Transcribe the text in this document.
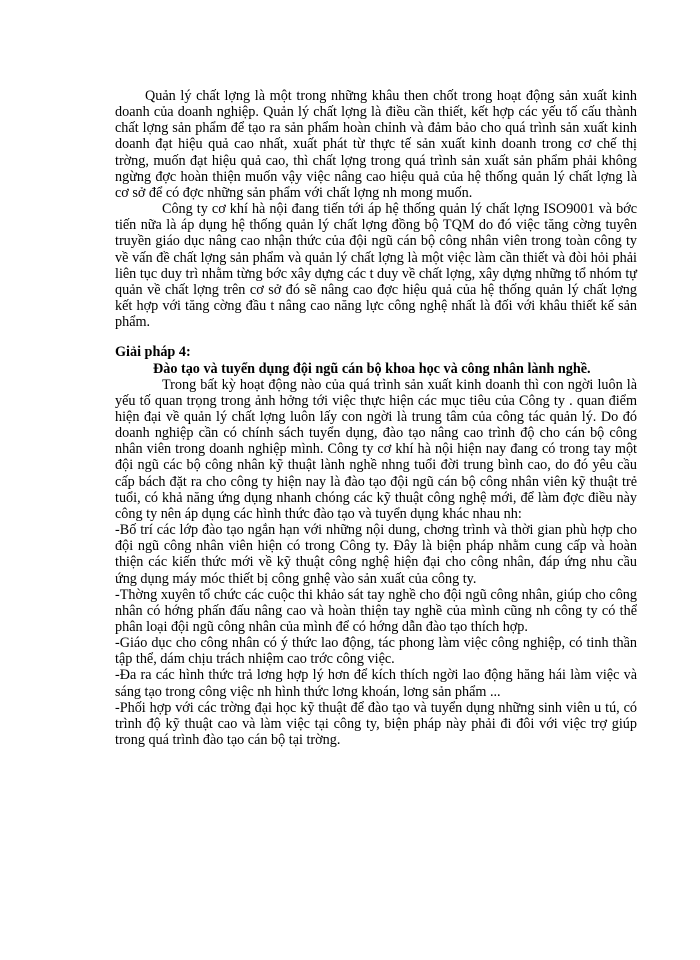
Quản lý chất lợng là một trong những khâu then chốt trong hoạt động sản xuất kinh doanh của doanh nghiệp. Quản lý chất lợng là điều cần thiết, kết hợp các yếu tố cấu thành chất lợng sản phẩm để tạo ra sản phẩm hoàn chỉnh và đảm bảo cho quá trình sản xuất kinh doanh đạt hiệu quả cao nhất, xuất phát từ thực tế sản xuất kinh doanh trong cơ chế thị trờng, muốn đạt hiệu quả cao, thì chất lợng trong quá trình sản xuất sản phẩm phải không ngừng đợc hoàn thiện muốn vậy việc nâng cao hiệu quả của hệ thống quản lý chất lợng là cơ sở để có đợc những sản phẩm với chất lợng nh mong muốn.

Công ty cơ khí hà nội đang tiến tới áp hệ thống quản lý chất lợng ISO9001 và bớc tiến nữa là áp dụng hệ thống quản lý chất lợng đồng bộ TQM do đó việc tăng cờng tuyên truyền giáo dục nâng cao nhận thức của đội ngũ cán bộ công nhân viên trong toàn công ty về vấn đề chất lợng sản phẩm và quản lý chất lợng là một việc làm cần thiết và đòi hỏi phải liên tục duy trì nhằm từng bớc xây dựng các t duy về chất lợng, xây dựng những tổ nhóm tự quản về chất lợng trên cơ sở đó sẽ nâng cao đợc hiệu quả của hệ thống quản lý chất lợng kết hợp với tăng cờng đầu t nâng cao năng lực công nghệ nhất là đối với khâu thiết kế sản phẩm.

Giải pháp 4:

Đào tạo và tuyển dụng đội ngũ cán bộ khoa học và công nhân lành nghề.

Trong bất kỳ hoạt động nào của quá trình sản xuất kinh doanh thì con ngời luôn là yếu tố quan trọng trong ảnh hởng tới việc thực hiện các mục tiêu của Công ty . quan điểm hiện đại về quản lý chất lợng luôn lấy con ngời là trung tâm của công tác quản lý. Do đó doanh nghiệp cần có chính sách tuyển dụng, đào tạo nâng cao trình độ cho cán bộ công nhân viên trong doanh nghiệp mình. Công ty cơ khí hà nội hiện nay đang có trong tay một đội ngũ các bộ công nhân kỹ thuật lành nghề nhng tuổi đời trung bình cao, do đó yêu cầu cấp bách đặt ra cho công ty hiện nay là đào tạo đội ngũ cán bộ công nhân viên kỹ thuật trẻ tuổi, có khả năng ứng dụng nhanh chóng các kỹ thuật công nghệ mới, để làm đợc điều này công ty nên áp dụng các hình thức đào tạo và tuyển dụng khác nhau nh:

-Bố trí các lớp đào tạo ngắn hạn với những nội dung, chơng trình và thời gian phù hợp cho đội ngũ công nhân viên hiện có trong Công ty. Đây là biện pháp nhằm cung cấp và hoàn thiện các kiến thức mới về kỹ thuật công nghệ hiện đại cho công nhân, đáp ứng nhu cầu ứng dụng máy móc thiết bị công gnhệ vào sản xuất của công ty.

-Thờng xuyên tổ chức các cuộc thi khảo sát tay nghề cho đội ngũ công nhân, giúp cho công nhân có hớng phấn đấu nâng cao và hoàn thiện tay nghề của mình cũng nh công ty có thể phân loại đội ngũ công nhân của mình để có hớng dẫn đào tạo thích hợp.

-Giáo dục cho công nhân có ý thức lao động, tác phong làm việc công nghiệp, có tinh thần tập thể, dám chịu trách nhiệm cao trớc công việc.

-Đa ra các hình thức trả lơng hợp lý hơn để kích thích ngời lao động hăng hái làm việc và sáng tạo trong công việc nh hình thức lơng khoán, lơng sản phẩm ...

-Phối hợp với các trờng đại học kỹ thuật để đào tạo và tuyển dụng những sinh viên u tú, có trình độ kỹ thuật cao và làm việc tại công ty, biện pháp này phải đi đôi với việc trợ giúp trong quá trình đào tạo cán bộ tại trờng.
